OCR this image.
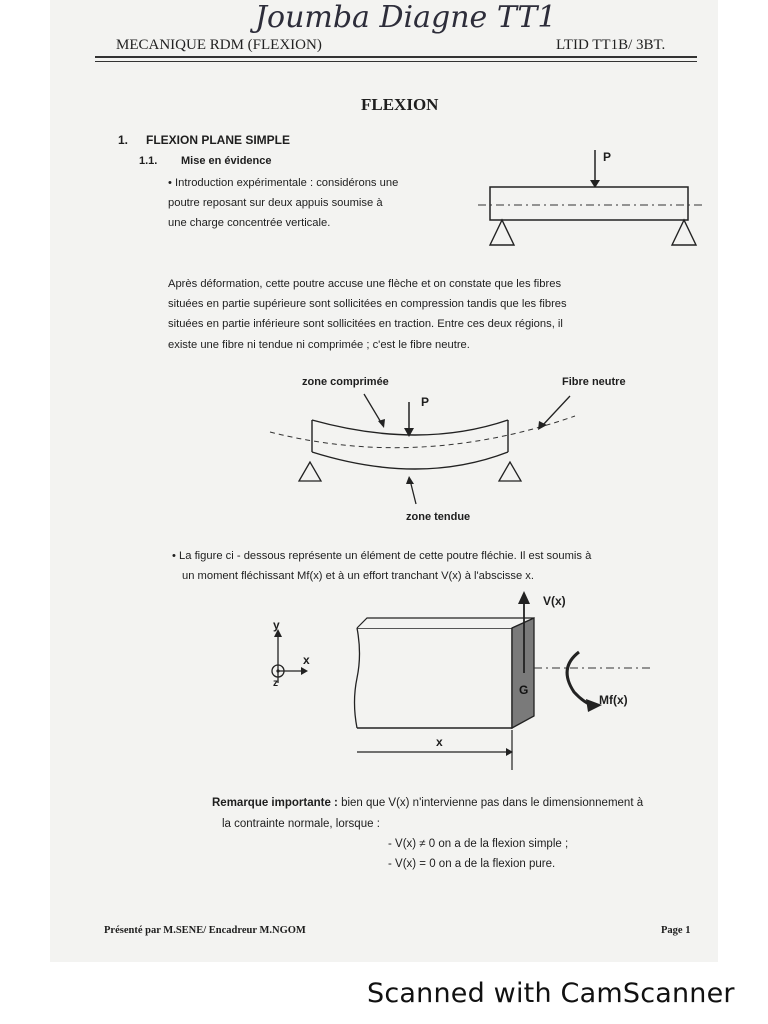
Joumba Diagne TT1
MECANIQUE RDM (FLEXION)	LTID TT1B/ 3BT.
FLEXION
1. FLEXION PLANE SIMPLE
1.1. Mise en évidence
• Introduction expérimentale : considérons une
poutre reposant sur deux appuis soumise à
une charge concentrée verticale.
P
Après déformation, cette poutre accuse une flèche et on constate que les fibres
situées en partie supérieure sont sollicitées en compression tandis que les fibres
situées en partie inférieure sont sollicitées en traction. Entre ces deux régions, il
existe une fibre ni tendue ni comprimée ; c'est le fibre neutre.
zone comprimée	Fibre neutre
P
zone tendue
• La figure ci - dessous représente un élément de cette poutre fléchie. Il est soumis à
un moment fléchissant Mf(x) et à un effort tranchant V(x) à l'abscisse x.
y
x
z
V(x)
G
Mf(x)
x
Remarque importante : bien que V(x) n'intervienne pas dans le dimensionnement à
la contrainte normale, lorsque :
- V(x) ≠ 0 on a de la flexion simple ;
- V(x) = 0 on a de la flexion pure.
Présenté par M.SENE/ Encadreur M.NGOM	Page 1
Scanned with CamScanner
